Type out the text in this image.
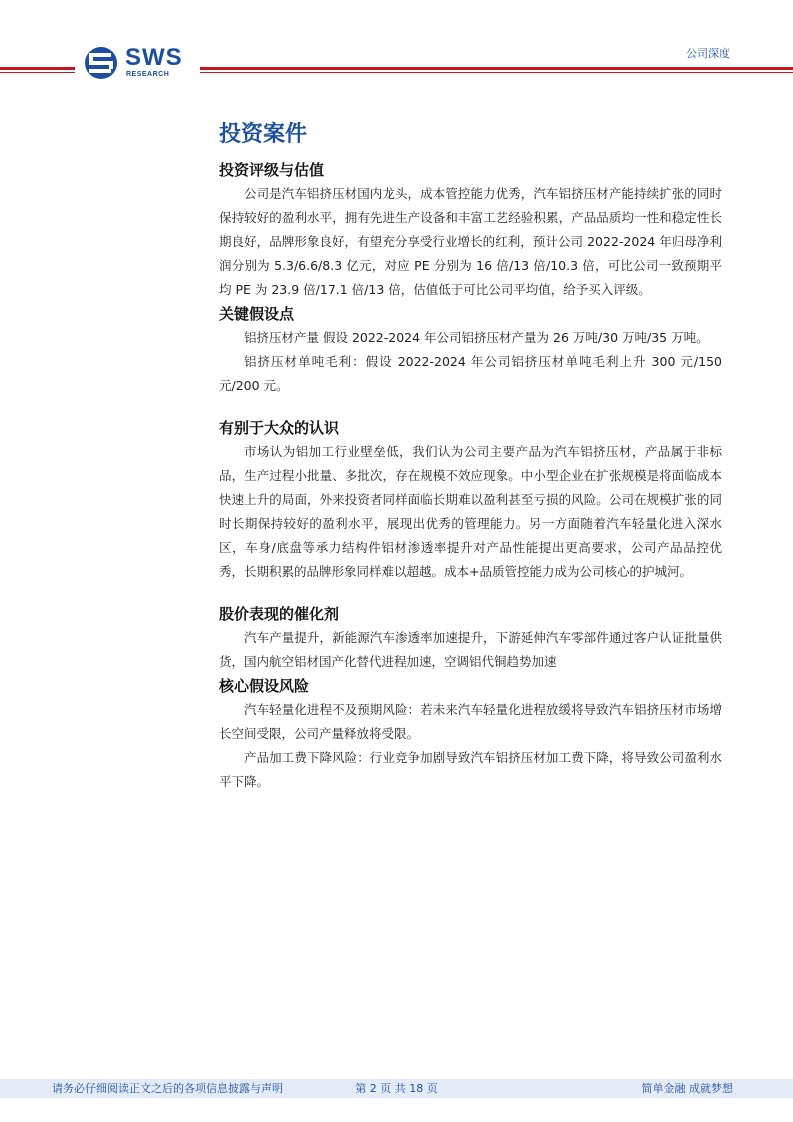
SWS
RESEARCH
公司深度
投资案件
投资评级与估值

公司是汽车铝挤压材国内龙头，成本管控能力优秀，汽车铝挤压材产能持续扩张的同时保持较好的盈利水平，拥有先进生产设备和丰富工艺经验积累，产品品质均一性和稳定性长期良好，品牌形象良好，有望充分享受行业增长的红利，预计公司 2022-2024 年归母净利润分别为 5.3/6.6/8.3 亿元，对应 PE 分别为 16 倍/13 倍/10.3 倍，可比公司一致预期平均 PE 为 23.9 倍/17.1 倍/13 倍，估值低于可比公司平均值，给予买入评级。

关键假设点

铝挤压材产量 假设 2022-2024 年公司铝挤压材产量为 26 万吨/30 万吨/35 万吨。

铝挤压材单吨毛利：假设 2022-2024 年公司铝挤压材单吨毛利上升 300 元/150 元/200 元。

有别于大众的认识

市场认为铝加工行业壁垒低，我们认为公司主要产品为汽车铝挤压材，产品属于非标品，生产过程小批量、多批次，存在规模不效应现象。中小型企业在扩张规模是将面临成本快速上升的局面，外来投资者同样面临长期难以盈利甚至亏损的风险。公司在规模扩张的同时长期保持较好的盈利水平，展现出优秀的管理能力。另一方面随着汽车轻量化进入深水区，车身/底盘等承力结构件铝材渗透率提升对产品性能提出更高要求，公司产品品控优秀，长期积累的品牌形象同样难以超越。成本+品质管控能力成为公司核心的护城河。

股价表现的催化剂

汽车产量提升，新能源汽车渗透率加速提升，下游延伸汽车零部件通过客户认证批量供货，国内航空铝材国产化替代进程加速，空调铝代铜趋势加速

核心假设风险

汽车轻量化进程不及预期风险：若未来汽车轻量化进程放缓将导致汽车铝挤压材市场增长空间受限，公司产量释放将受限。

产品加工费下降风险：行业竞争加剧导致汽车铝挤压材加工费下降，将导致公司盈利水平下降。

请务必仔细阅读正文之后的各项信息披露与声明	第 2 页 共 18 页	简单金融 成就梦想
